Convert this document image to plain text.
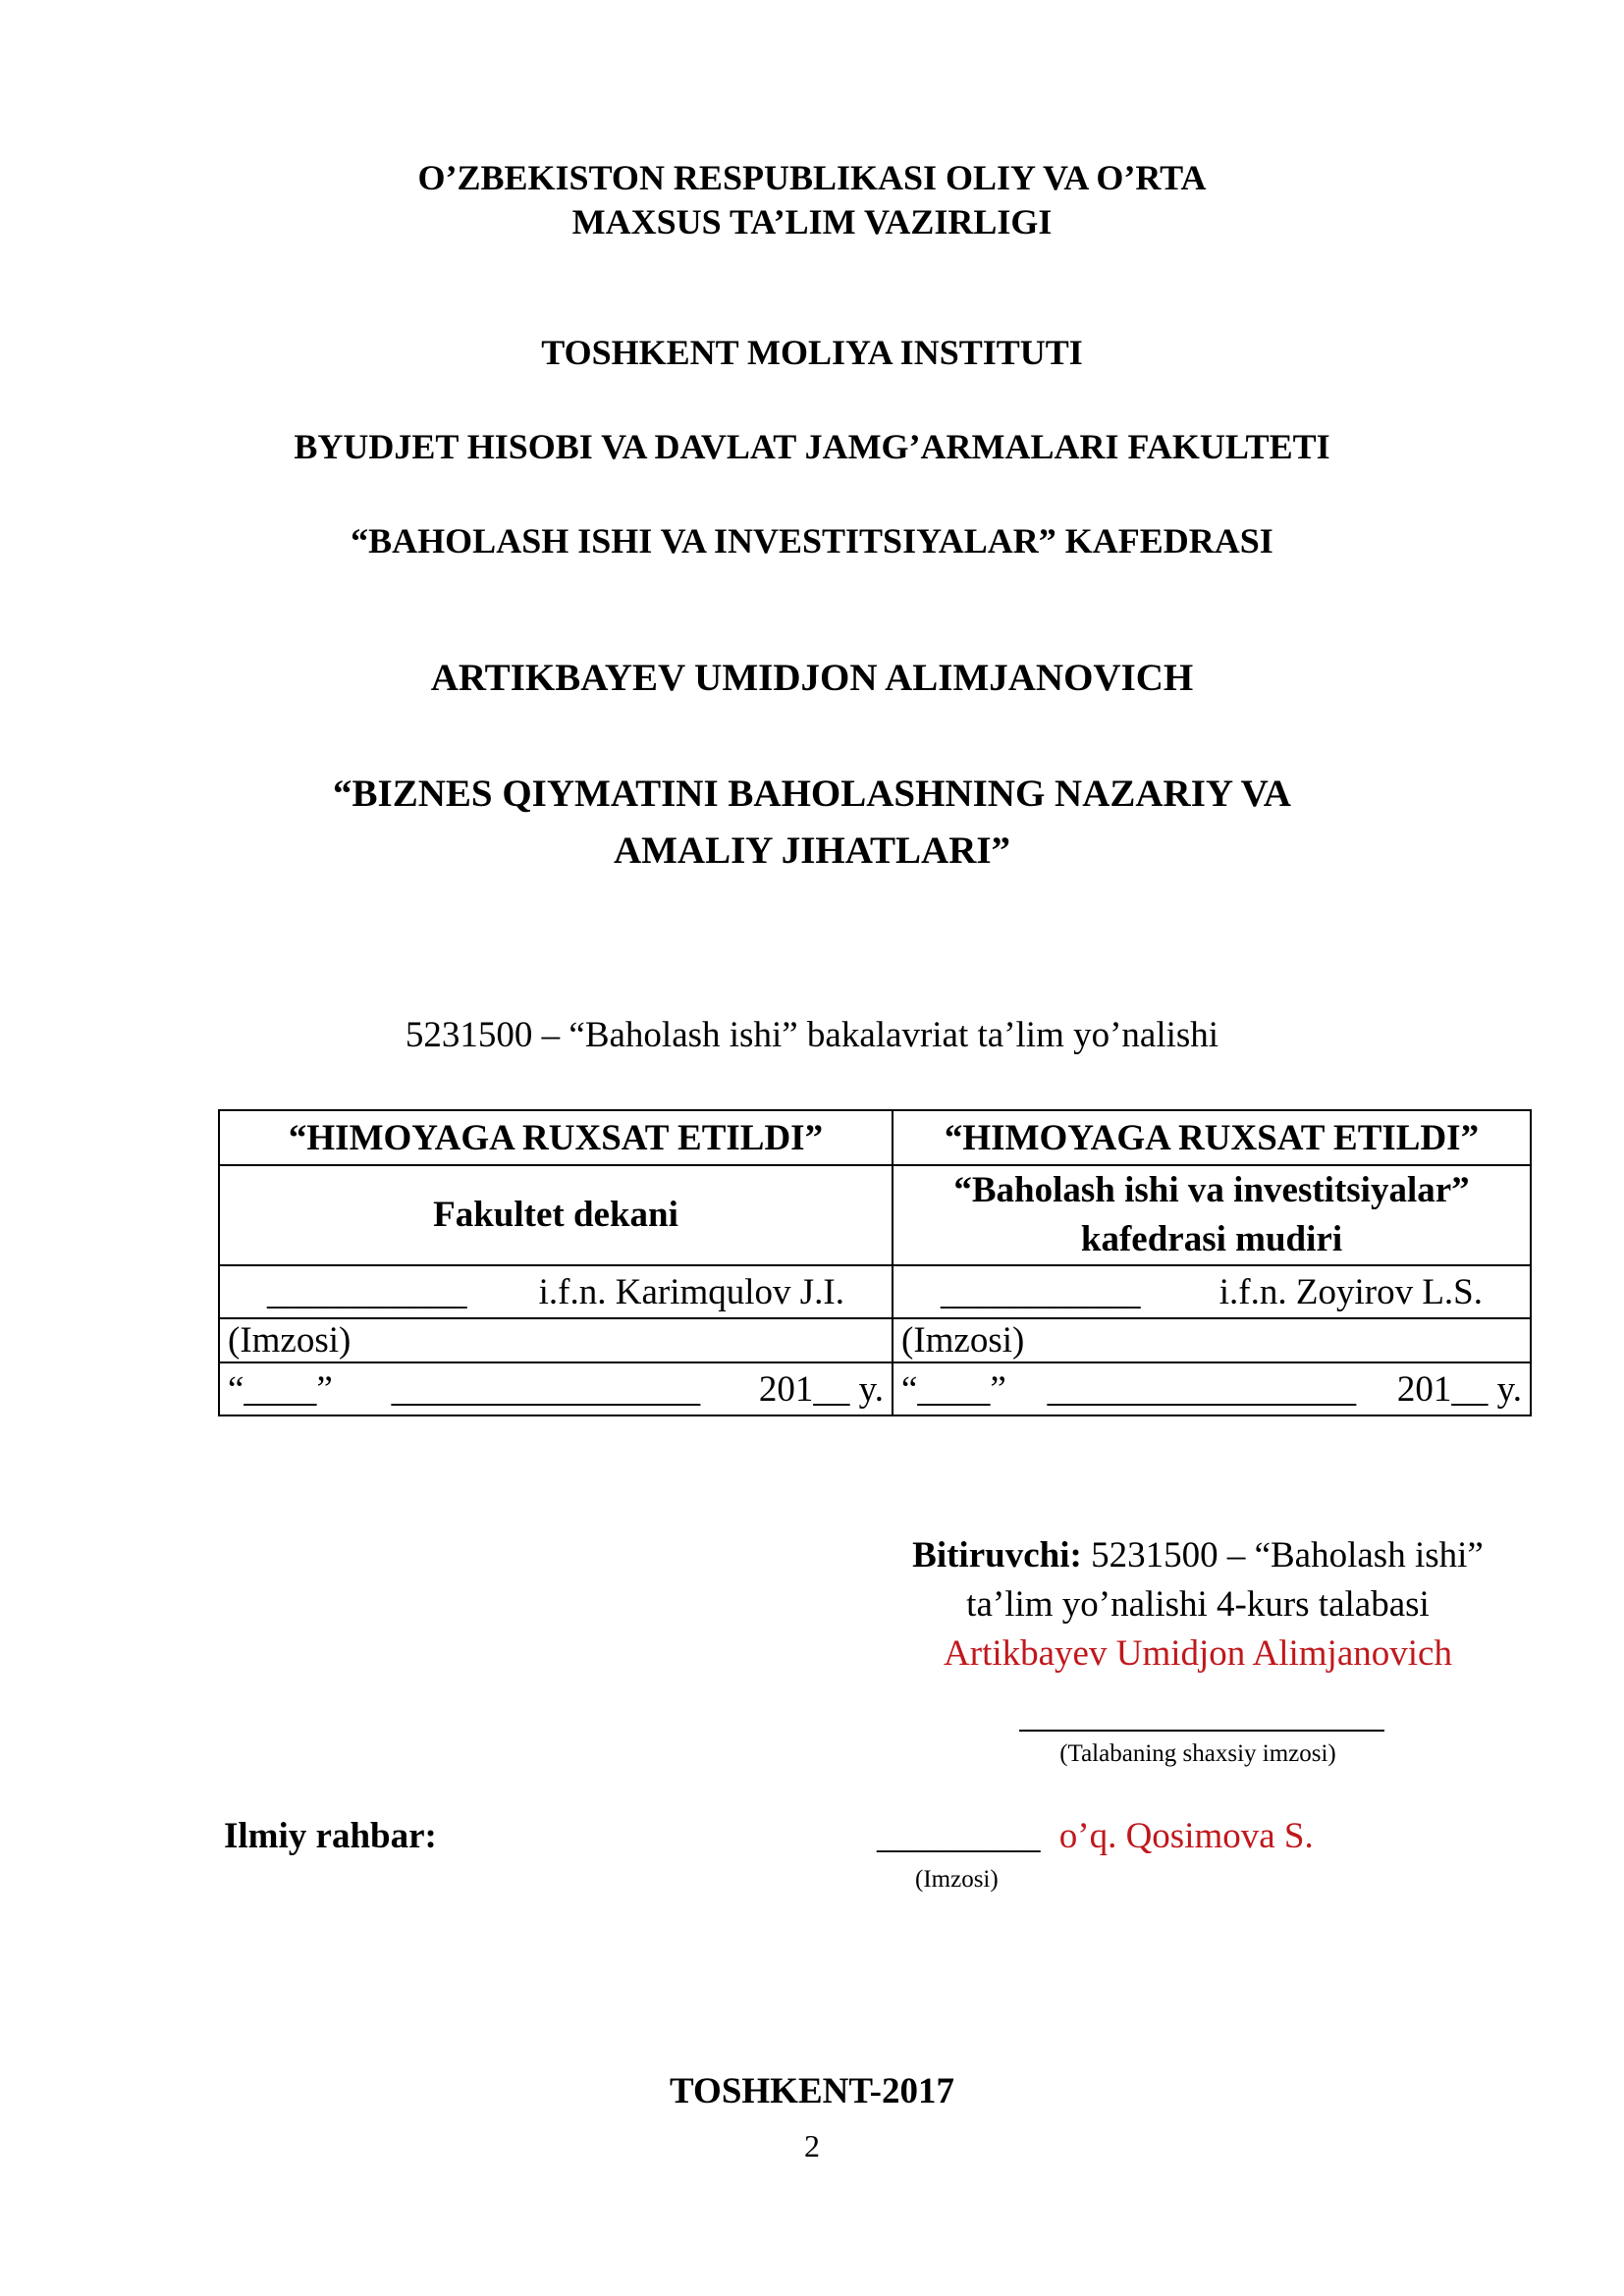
O’ZBEKISTON RESPUBLIKASI OLIY VA O’RTA
MAXSUS TA’LIM VAZIRLIGI
TOSHKENT MOLIYA INSTITUTI
BYUDJET HISOBI VA DAVLAT JAMG’ARMALARI FAKULTETI
“BAHOLASH ISHI VA INVESTITSIYALAR” KAFEDRASI
ARTIKBAYEV UMIDJON ALIMJANOVICH
“BIZNES QIYMATINI BAHOLASHNING NAZARIY VA
AMALIY JIHATLARI”
5231500 – “Baholash ishi” bakalavriat ta’lim yo’nalishi
“HIMOYAGA RUXSAT ETILDI”	“HIMOYAGA RUXSAT ETILDI”

Fakultet dekani	“Baholash ishi va investitsiyalar”
kafedrasi mudiri

___________ i.f.n. Karimqulov J.I.	___________ i.f.n. Zoyirov L.S.

(Imzosi)	(Imzosi)

“____” _________________ 201__ y.	“____” _________________ 201__ y.
Bitiruvchi: 5231500 – “Baholash ishi”
ta’lim yo’nalishi 4-kurs talabasi
Artikbayev Umidjon Alimjanovich
(Talabaning shaxsiy imzosi)
Ilmiy rahbar:	_________ o’q. Qosimova S.
(Imzosi)
TOSHKENT-2017
2
